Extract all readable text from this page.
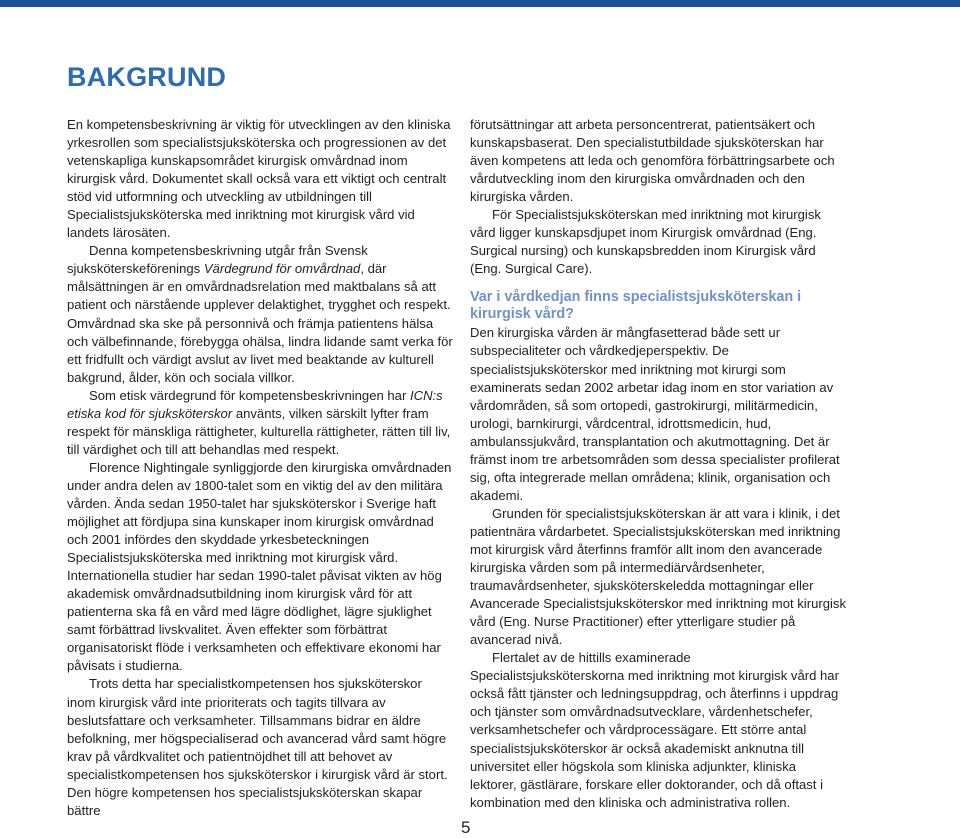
BAKGRUND

En kompetensbeskrivning är viktig för utvecklingen av den kliniska yrkesrollen som specialistsjuksköterska och progressionen av det vetenskapliga kunskapsområdet kirurgisk omvårdnad inom kirurgisk vård. Dokumentet skall också vara ett viktigt och centralt stöd vid utformning och utveckling av utbildningen till Specialistsjuksköterska med inriktning mot kirurgisk vård vid landets lärosäten.

Denna kompetensbeskrivning utgår från Svensk sjuksköterskeförenings Värdegrund för omvårdnad, där målsättningen är en omvårdnadsrelation med maktbalans så att patient och närstående upplever delaktighet, trygghet och respekt. Omvårdnad ska ske på personnivå och främja patientens hälsa och välbefinnande, förebygga ohälsa, lindra lidande samt verka för ett fridfullt och värdigt avslut av livet med beaktande av kulturell bakgrund, ålder, kön och sociala villkor.

Som etisk värdegrund för kompetensbeskrivningen har ICN:s etiska kod för sjuksköterskor använts, vilken särskilt lyfter fram respekt för mänskliga rättigheter, kulturella rättigheter, rätten till liv, till värdighet och till att behandlas med respekt.

Florence Nightingale synliggjorde den kirurgiska omvårdnaden under andra delen av 1800-talet som en viktig del av den militära vården. Ända sedan 1950-talet har sjuksköterskor i Sverige haft möjlighet att fördjupa sina kunskaper inom kirurgisk omvårdnad och 2001 infördes den skyddade yrkesbeteckningen Specialistsjuksköterska med inriktning mot kirurgisk vård. Internationella studier har sedan 1990-talet påvisat vikten av hög akademisk omvårdnadsutbildning inom kirurgisk vård för att patienterna ska få en vård med lägre dödlighet, lägre sjuklighet samt förbättrad livskvalitet. Även effekter som förbättrat organisatoriskt flöde i verksamheten och effektivare ekonomi har påvisats i studierna.

Trots detta har specialistkompetensen hos sjuksköterskor inom kirurgisk vård inte prioriterats och tagits tillvara av beslutsfattare och verksamheter. Tillsammans bidrar en äldre befolkning, mer högspecialiserad och avancerad vård samt högre krav på vårdkvalitet och patientnöjdhet till att behovet av specialistkompetensen hos sjuksköterskor i kirurgisk vård är stort. Den högre kompetensen hos specialistsjuksköterskan skapar bättre

förutsättningar att arbeta personcentrerat, patientsäkert och kunskapsbaserat. Den specialistutbildade sjuksköterskan har även kompetens att leda och genomföra förbättringsarbete och vårdutveckling inom den kirurgiska omvårdnaden och den kirurgiska vården.

För Specialistsjuksköterskan med inriktning mot kirurgisk vård ligger kunskapsdjupet inom Kirurgisk omvårdnad (Eng. Surgical nursing) och kunskapsbredden inom Kirurgisk vård (Eng. Surgical Care).

Var i vårdkedjan finns specialistsjuksköterskan i kirurgisk vård?

Den kirurgiska vården är mångfasetterad både sett ur subspecialiteter och vårdkedjeperspektiv. De specialistsjuksköterskor med inriktning mot kirurgi som examinerats sedan 2002 arbetar idag inom en stor variation av vårdområden, så som ortopedi, gastrokirurgi, militärmedicin, urologi, barnkirurgi, vårdcentral, idrottsmedicin, hud, ambulanssjukvård, transplantation och akutmottagning. Det är främst inom tre arbetsområden som dessa specialister profilerat sig, ofta integrerade mellan områdena; klinik, organisation och akademi.

Grunden för specialistsjuksköterskan är att vara i klinik, i det patientnära vårdarbetet. Specialistsjuksköterskan med inriktning mot kirurgisk vård återfinns framför allt inom den avancerade kirurgiska vården som på intermediärvårdsenheter, traumavårdsenheter, sjuksköterskeledda mottagningar eller Avancerade Specialistsjuksköterskor med inriktning mot kirurgisk vård (Eng. Nurse Practitioner) efter ytterligare studier på avancerad nivå.

Flertalet av de hittills examinerade Specialistsjuksköterskorna med inriktning mot kirurgisk vård har också fått tjänster och ledningsuppdrag, och återfinns i uppdrag och tjänster som omvårdnadsutvecklare, vårdenhetschefer, verksamhetschefer och vårdprocessägare. Ett större antal specialistsjuksköterskor är också akademiskt anknutna till universitet eller högskola som kliniska adjunkter, kliniska lektorer, gästlärare, forskare eller doktorander, och då oftast i kombination med den kliniska och administrativa rollen.

5
